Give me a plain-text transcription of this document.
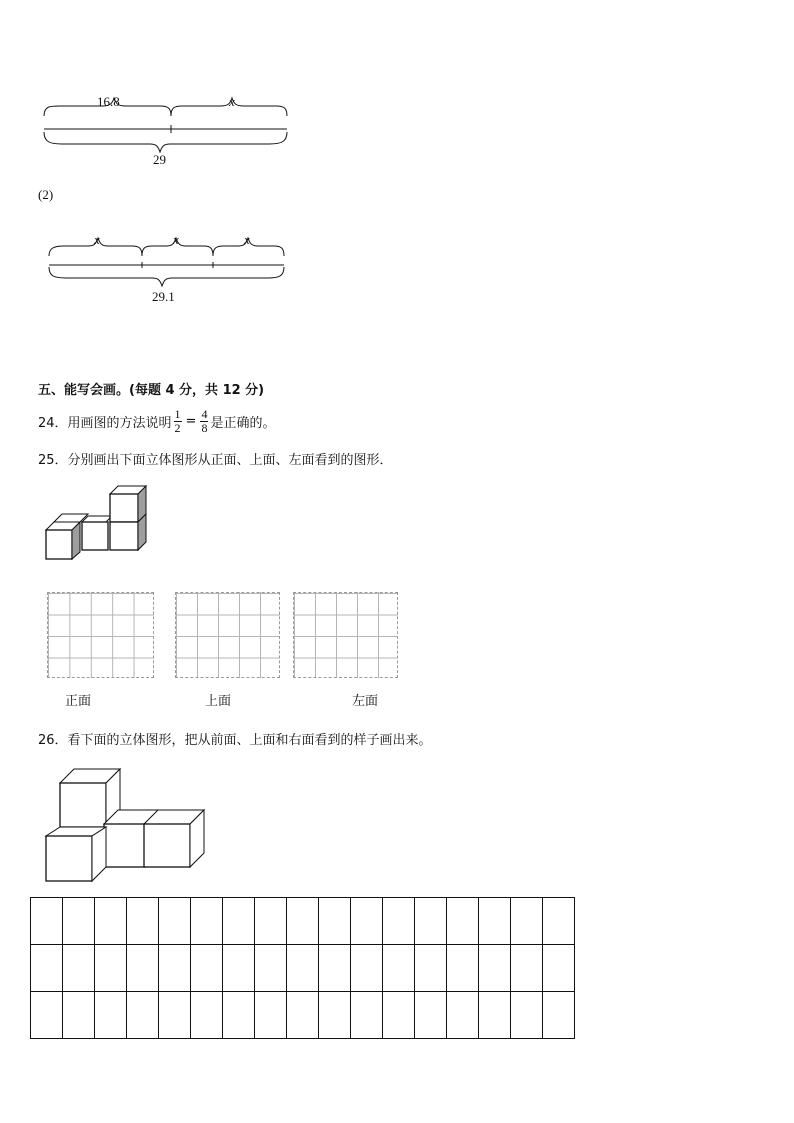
16.8	x
29
(2)
x	x	x
29.1
五、能写会画。(每题 4 分，共 12 分)
24．用画图的方法说明 $\frac{1}{2} = \frac{4}{8}$ 是正确的。
25．分别画出下面立体图形从正面、上面、左面看到的图形．
正面	上面	左面
26．看下面的立体图形，把从前面、上面和右面看到的样子画出来。
